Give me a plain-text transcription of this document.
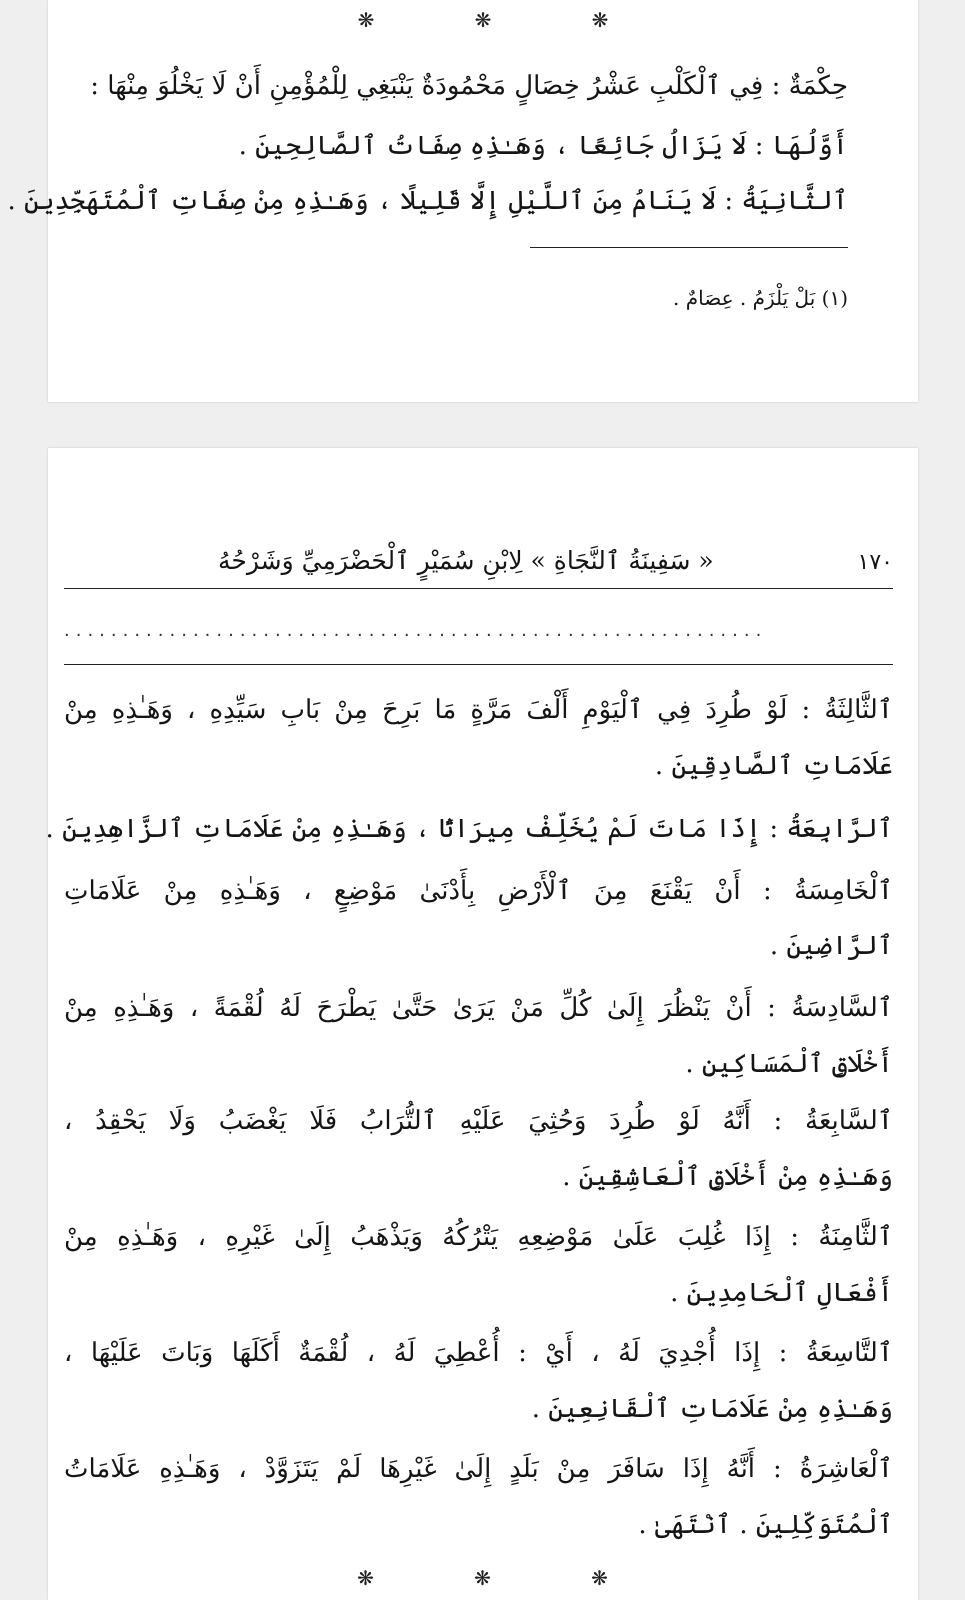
❋	❋	❋
حِكْمَةٌ : فِي ٱلْكَلْبِ عَشْرُ خِصَالٍ مَحْمُودَةٌ يَنْبَغِي لِلْمُؤْمِنِ أَنْ لَا يَخْلُوَ مِنْهَا :
أَوَّلُهَا : لَا يَزَالُ جَائِعًا ، وَهَـٰذِهِ صِفَاتُ ٱلصَّالِحِينَ .
ٱلثَّانِيَةُ : لَا يَنَامُ مِنَ ٱللَّيْلِ إِلَّا قَلِيلًا ، وَهَـٰذِهِ مِنْ صِفَاتِ ٱلْمُتَهَجِّدِينَ .
(١) بَلْ يَلْزَمُ . عِصَامٌ .
١٧٠
« سَفِينَةُ ٱلنَّجَاةِ » لِابْنِ سُمَيْرٍ ٱلْحَضْرَمِيِّ وَشَرْحُهُ
............................................................
ٱلثَّالِثَةُ : لَوْ طُرِدَ فِي ٱلْيَوْمِ أَلْفَ مَرَّةٍ مَا بَرِحَ مِنْ بَابِ سَيِّدِهِ ، وَهَـٰذِهِ مِنْ
عَلَامَاتِ ٱلصَّادِقِينَ .
ٱلرَّابِعَةُ : إِذَا مَاتَ لَمْ يُخَلِّفْ مِيرَاثًا ، وَهَـٰذِهِ مِنْ عَلَامَاتِ ٱلزَّاهِدِينَ .
ٱلْخَامِسَةُ : أَنْ يَقْنَعَ مِنَ ٱلْأَرْضِ بِأَدْنَىٰ مَوْضِعٍ ، وَهَـٰذِهِ مِنْ عَلَامَاتِ
ٱلرَّاضِينَ .
ٱلسَّادِسَةُ : أَنْ يَنْظُرَ إِلَىٰ كُلِّ مَنْ يَرَىٰ حَتَّىٰ يَطْرَحَ لَهُ لُقْمَةً ، وَهَـٰذِهِ مِنْ
أَخْلَاقِ ٱلْمَسَاكِينِ .
ٱلسَّابِعَةُ : أَنَّهُ لَوْ طُرِدَ وَحُثِيَ عَلَيْهِ ٱلتُّرَابُ فَلَا يَغْضَبُ وَلَا يَحْقِدُ ،
وَهَـٰذِهِ مِنْ أَخْلَاقِ ٱلْعَاشِقِينَ .
ٱلثَّامِنَةُ : إِذَا غُلِبَ عَلَىٰ مَوْضِعِهِ يَتْرُكُهُ وَيَذْهَبُ إِلَىٰ غَيْرِهِ ، وَهَـٰذِهِ مِنْ
أَفْعَالِ ٱلْحَامِدِينَ .
ٱلتَّاسِعَةُ : إِذَا أُجْدِيَ لَهُ ، أَيْ : أُعْطِيَ لَهُ ، لُقْمَةٌ أَكَلَهَا وَبَاتَ عَلَيْهَا ،
وَهَـٰذِهِ مِنْ عَلَامَاتِ ٱلْقَانِعِينَ .
ٱلْعَاشِرَةُ : أَنَّهُ إِذَا سَافَرَ مِنْ بَلَدٍ إِلَىٰ غَيْرِهَا لَمْ يَتَزَوَّدْ ، وَهَـٰذِهِ عَلَامَاتُ
ٱلْمُتَوَكِّلِينَ . ٱنْتَهَىٰ .
❋	❋	❋
